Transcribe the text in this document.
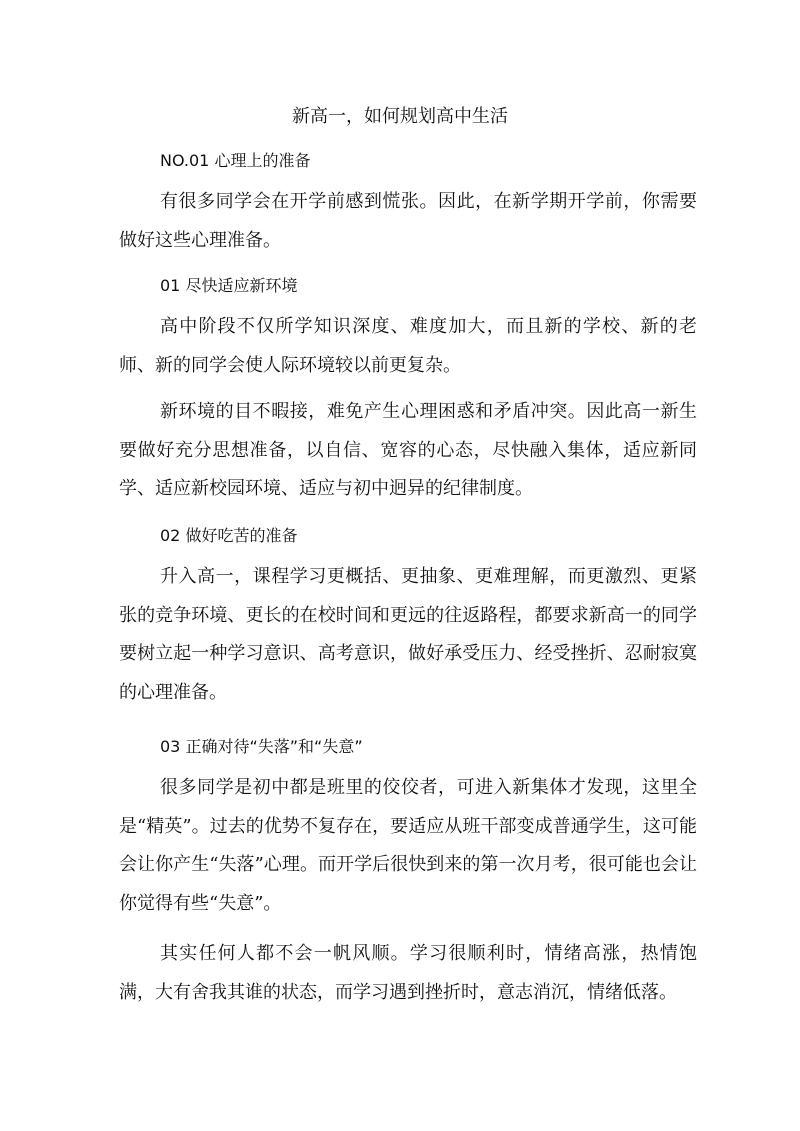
新高一，如何规划高中生活
NO.01 心理上的准备

有很多同学会在开学前感到慌张。因此，在新学期开学前，你需要做好这些心理准备。

01 尽快适应新环境

高中阶段不仅所学知识深度、难度加大，而且新的学校、新的老师、新的同学会使人际环境较以前更复杂。

新环境的目不暇接，难免产生心理困惑和矛盾冲突。因此高一新生要做好充分思想准备，以自信、宽容的心态，尽快融入集体，适应新同学、适应新校园环境、适应与初中迥异的纪律制度。

02 做好吃苦的准备

升入高一，课程学习更概括、更抽象、更难理解，而更激烈、更紧张的竞争环境、更长的在校时间和更远的往返路程，都要求新高一的同学要树立起一种学习意识、高考意识，做好承受压力、经受挫折、忍耐寂寞的心理准备。

03 正确对待“失落”和“失意”

很多同学是初中都是班里的佼佼者，可进入新集体才发现，这里全是“精英”。过去的优势不复存在，要适应从班干部变成普通学生，这可能会让你产生“失落”心理。而开学后很快到来的第一次月考，很可能也会让你觉得有些“失意”。

其实任何人都不会一帆风顺。学习很顺利时，情绪高涨，热情饱满，大有舍我其谁的状态，而学习遇到挫折时，意志消沉，情绪低落。
